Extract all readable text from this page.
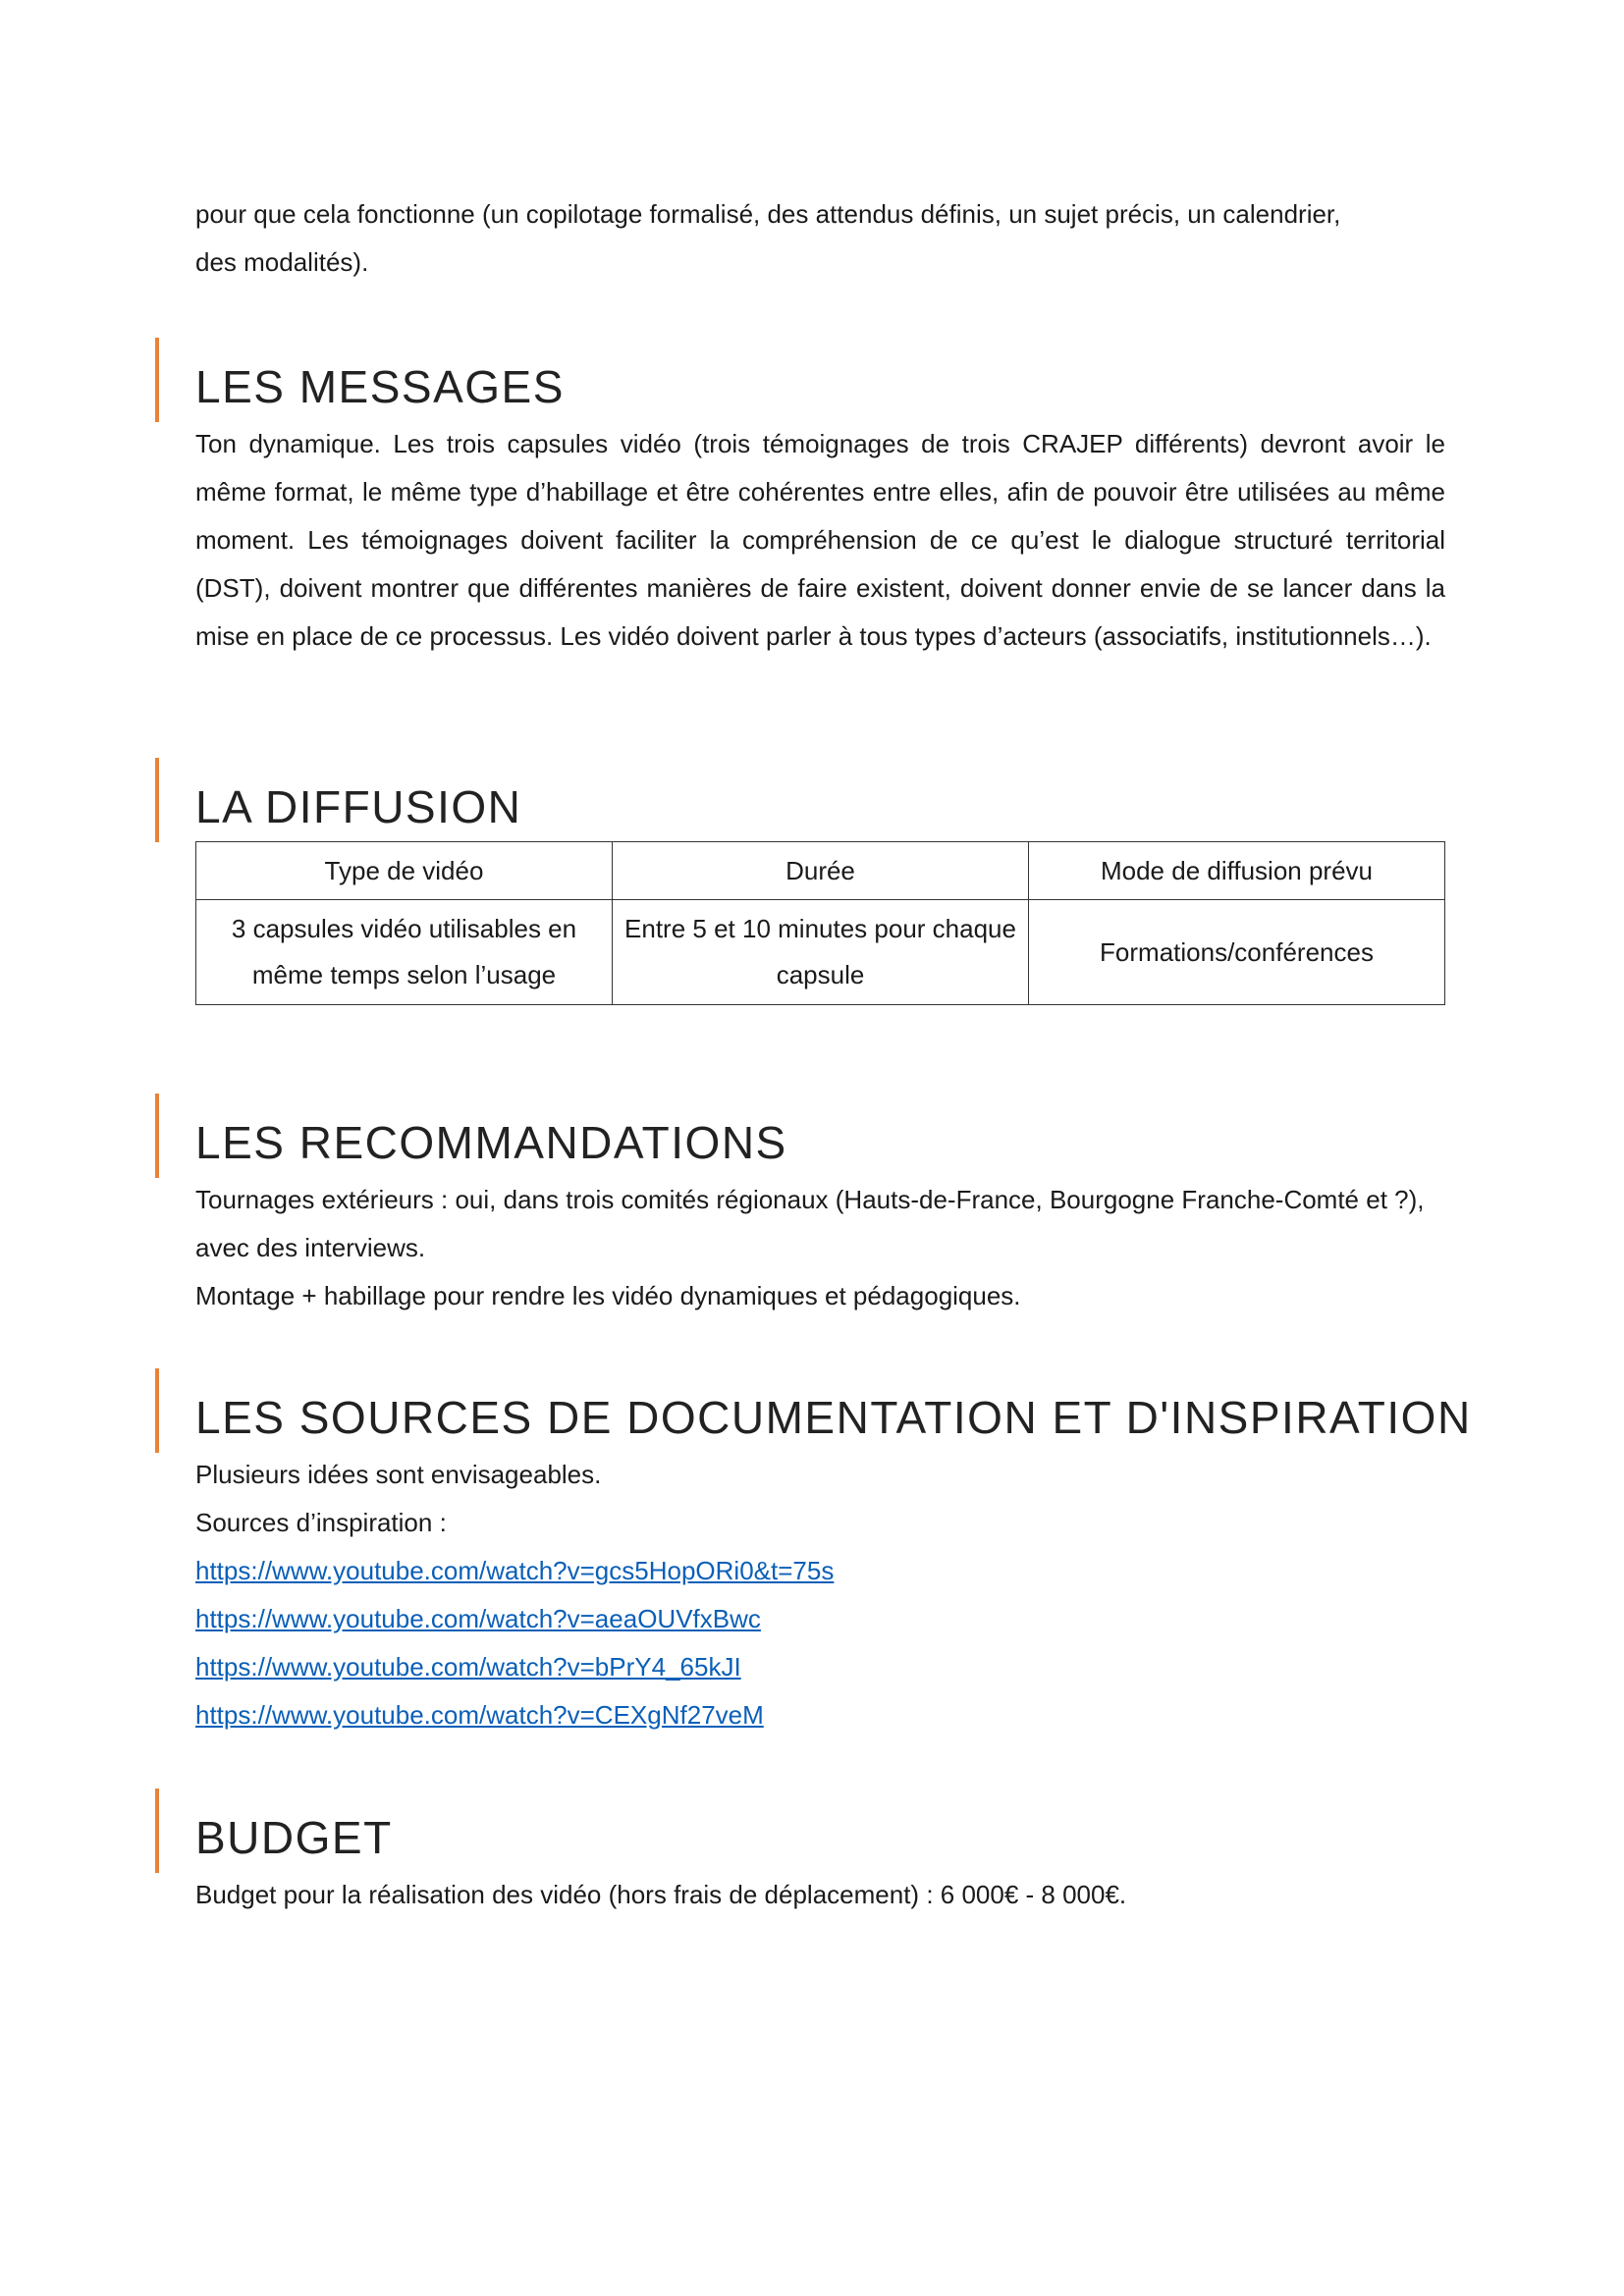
pour que cela fonctionne (un copilotage formalisé, des attendus définis, un sujet précis, un calendrier,

des modalités).

LES MESSAGES

Ton dynamique. Les trois capsules vidéo (trois témoignages de trois CRAJEP différents) devront avoir le même format, le même type d’habillage et être cohérentes entre elles, afin de pouvoir être utilisées au même moment. Les témoignages doivent faciliter la compréhension de ce qu’est le dialogue structuré territorial (DST), doivent montrer que différentes manières de faire existent, doivent donner envie de se lancer dans la mise en place de ce processus. Les vidéo doivent parler à tous types d’acteurs (associatifs, institutionnels…).

LA DIFFUSION
Type de vidéo	Durée	Mode de diffusion prévu
3 capsules vidéo utilisables en même temps selon l’usage	Entre 5 et 10 minutes pour chaque capsule	Formations/conférences
LES RECOMMANDATIONS

Tournages extérieurs : oui, dans trois comités régionaux (Hauts-de-France, Bourgogne Franche-Comté et ?), avec des interviews.

Montage + habillage pour rendre les vidéo dynamiques et pédagogiques.

LES SOURCES DE DOCUMENTATION ET D'INSPIRATION

Plusieurs idées sont envisageables.

Sources d’inspiration :

https://www.youtube.com/watch?v=gcs5HopORi0&t=75s
https://www.youtube.com/watch?v=aeaOUVfxBwc
https://www.youtube.com/watch?v=bPrY4_65kJI
https://www.youtube.com/watch?v=CEXgNf27veM
BUDGET

Budget pour la réalisation des vidéo (hors frais de déplacement) : 6 000€ - 8 000€.
